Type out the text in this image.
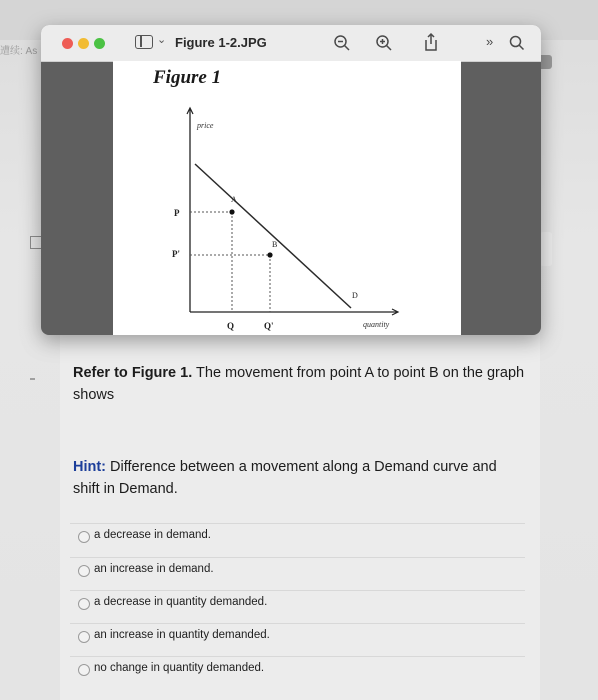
遭续: As
Refer to Figure 1. The movement from point A to point B on the graph shows
Hint: Difference between a movement along a Demand curve and shift in Demand.
a decrease in demand.
an increase in demand.
a decrease in quantity demanded.
an increase in quantity demanded.
no change in quantity demanded.
⌄ Figure 1-2.JPG	»
Figure 1
price
quantity
A
B
D
P
P'
Q	Q'
